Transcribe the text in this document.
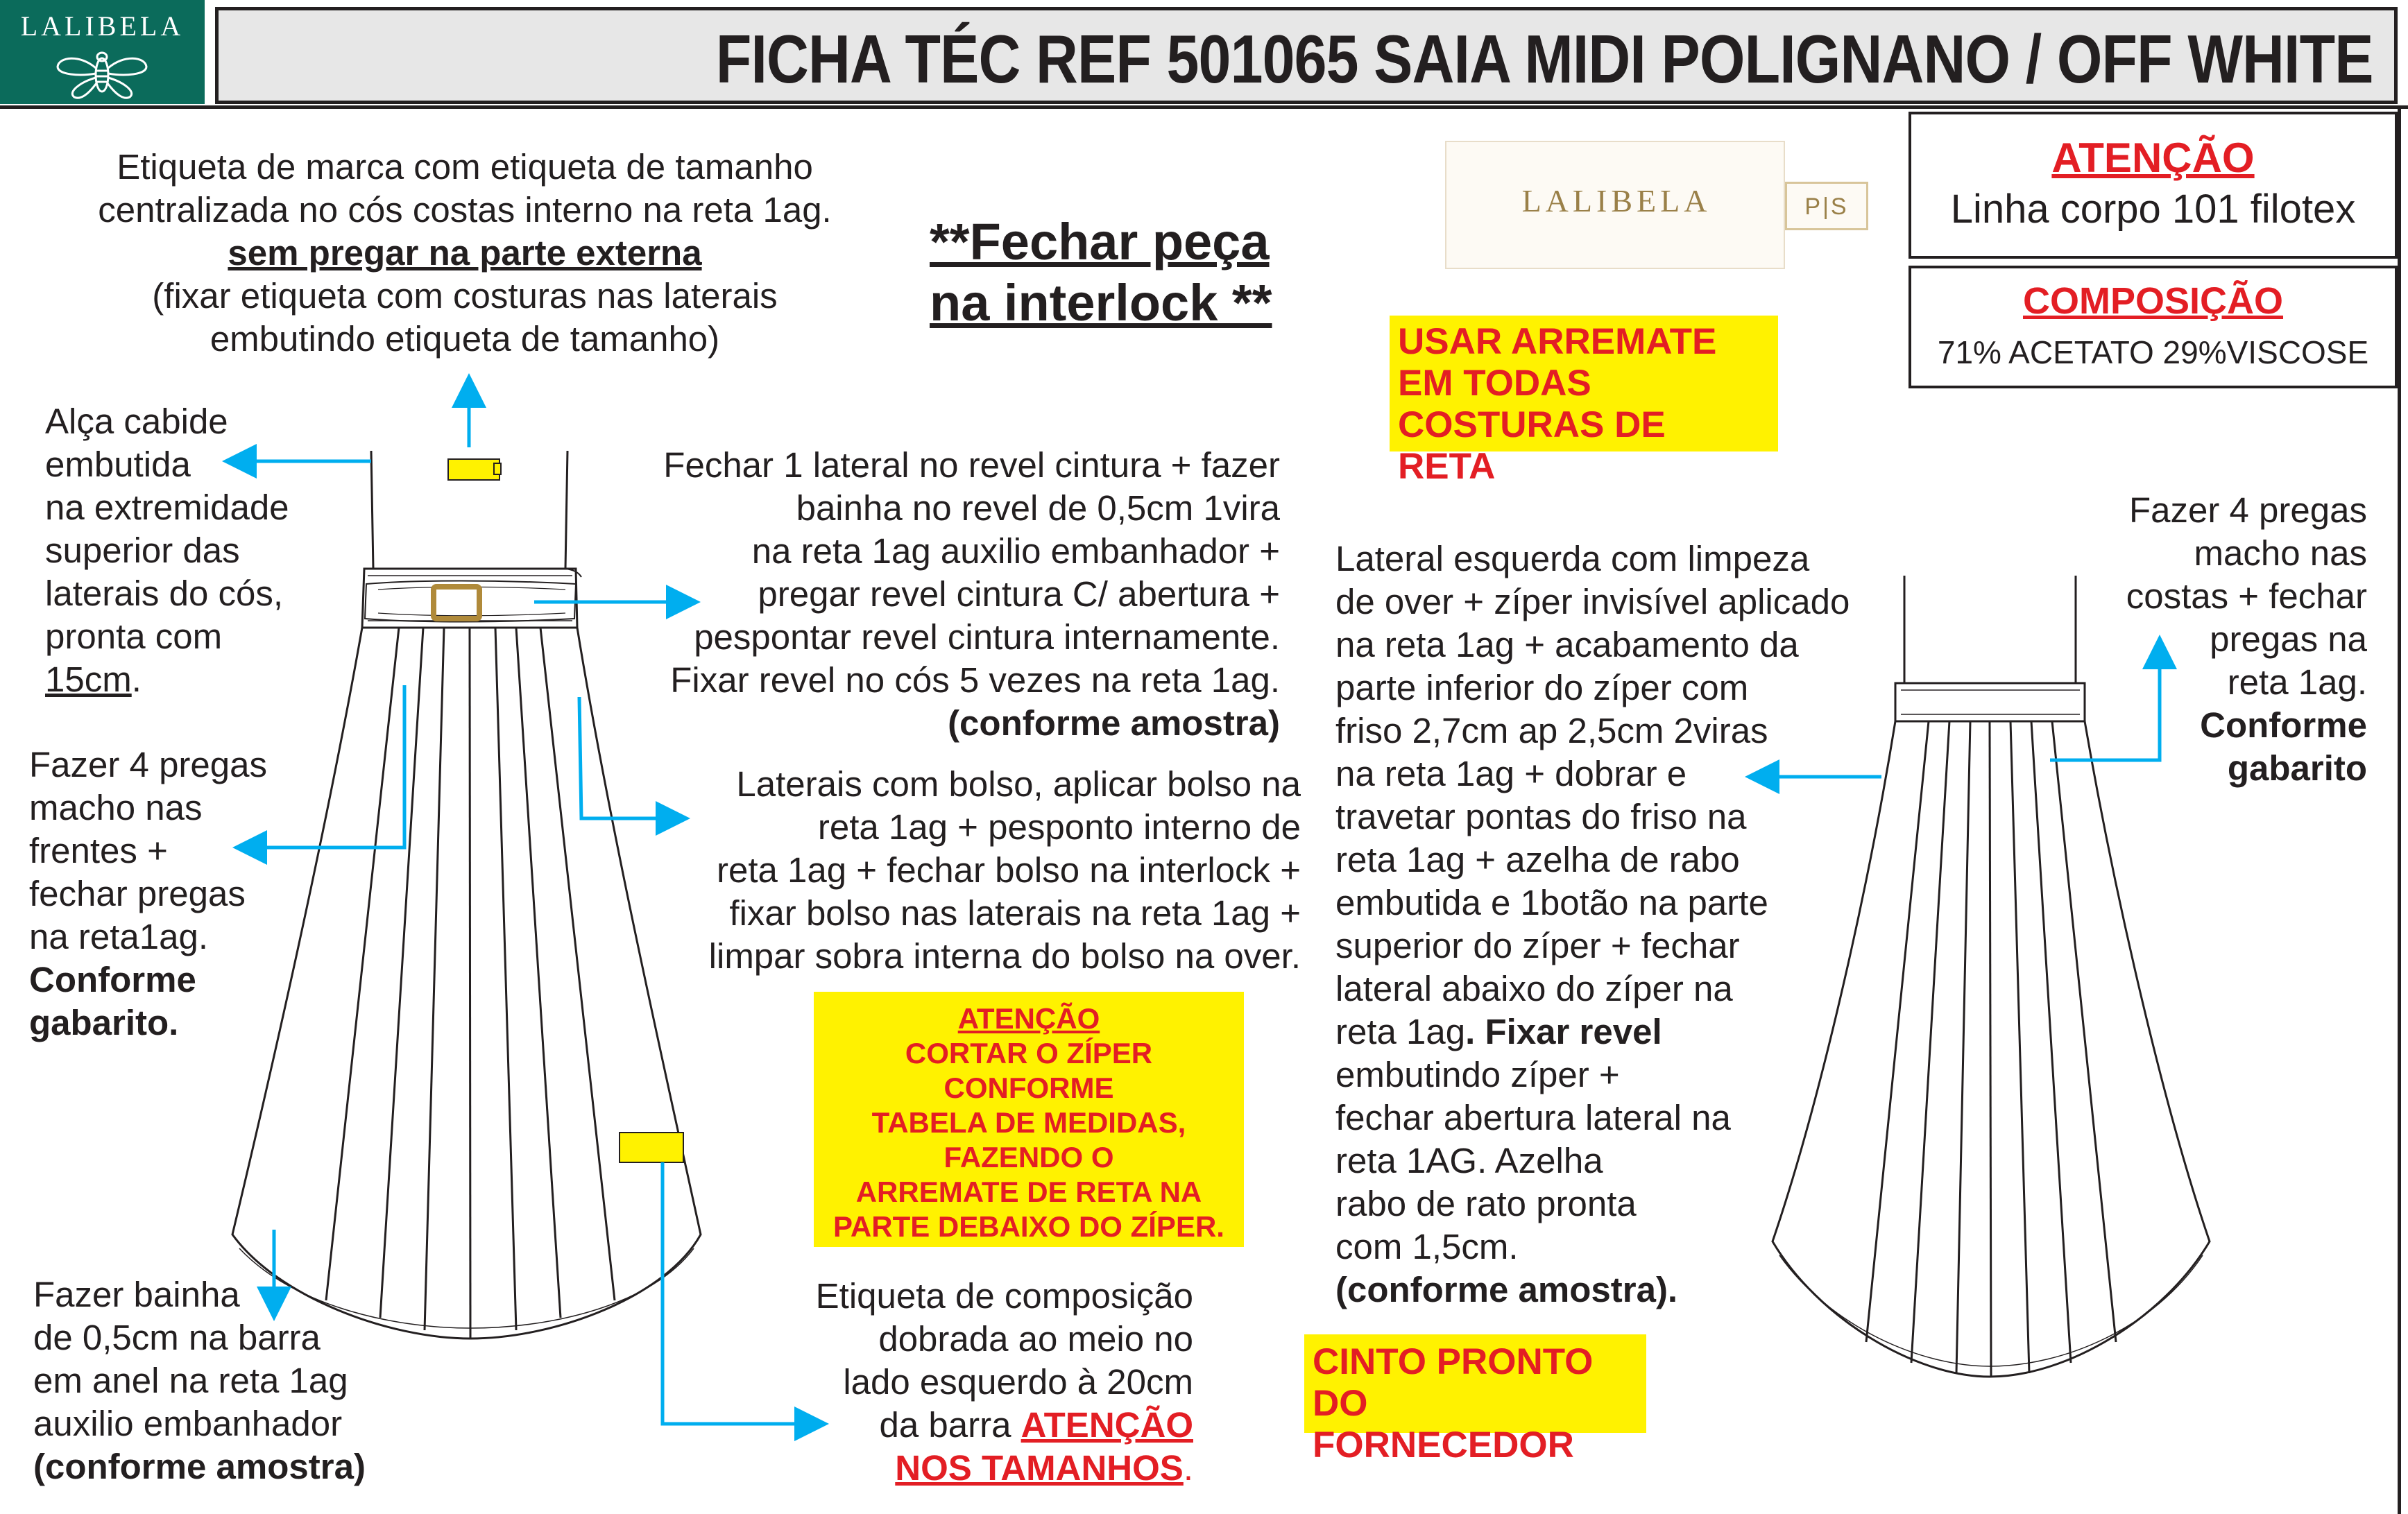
LALIBELA	FICHA TÉC REF 501065 SAIA MIDI POLIGNANO / OFF WHITE
LALIBELA	P|S
ATENÇÃO
Linha corpo 101 filotex
COMPOSIÇÃO
71% ACETATO 29%VISCOSE
Etiqueta de marca com etiqueta de tamanho
centralizada no cós costas interno na reta 1ag.
sem pregar na parte externa
(fixar etiqueta com costuras nas laterais
embutindo etiqueta de tamanho)
**Fechar peça
na interlock **
USAR ARREMATE
EM TODAS
COSTURAS DE RETA
Alça cabide
embutida
na extremidade
superior das
laterais do cós,
pronta com
15cm.
Fechar 1 lateral no revel cintura + fazer
bainha no revel de 0,5cm 1vira
na reta 1ag auxilio embanhador +
pregar revel cintura C/ abertura +
pespontar revel cintura internamente.
Fixar revel no cós 5 vezes na reta 1ag.
(conforme amostra)
Laterais com bolso, aplicar bolso na
reta 1ag + pesponto interno de
reta 1ag + fechar bolso na interlock +
fixar bolso nas laterais na reta 1ag +
limpar sobra interna do bolso na over.
Fazer 4 pregas
macho nas
frentes +
fechar pregas
na reta1ag.
Conforme
gabarito.	ATENÇÃO
CORTAR O ZÍPER
CONFORME
TABELA DE MEDIDAS,
FAZENDO O
ARREMATE DE RETA NA
PARTE DEBAIXO DO ZÍPER.
Fazer bainha
de 0,5cm na barra
em anel na reta 1ag
auxilio embanhador
(conforme amostra)
Etiqueta de composição
dobrada ao meio no
lado esquerdo à 20cm
da barra ATENÇÃO
NOS TAMANHOS.
Lateral esquerda com limpeza
de over + zíper invisível aplicado
na reta 1ag + acabamento da
parte inferior do zíper com
friso 2,7cm ap 2,5cm 2viras
na reta 1ag + dobrar e
travetar pontas do friso na
reta 1ag + azelha de rabo
embutida e 1botão na parte
superior do zíper + fechar
lateral abaixo do zíper na
reta 1ag. Fixar revel
embutindo zíper +
fechar abertura lateral na
reta 1AG. Azelha
rabo de rato pronta
com 1,5cm.
(conforme amostra).
Fazer 4 pregas
macho nas
costas + fechar
pregas na
reta 1ag.
Conforme
gabarito
CINTO PRONTO
DO FORNECEDOR
